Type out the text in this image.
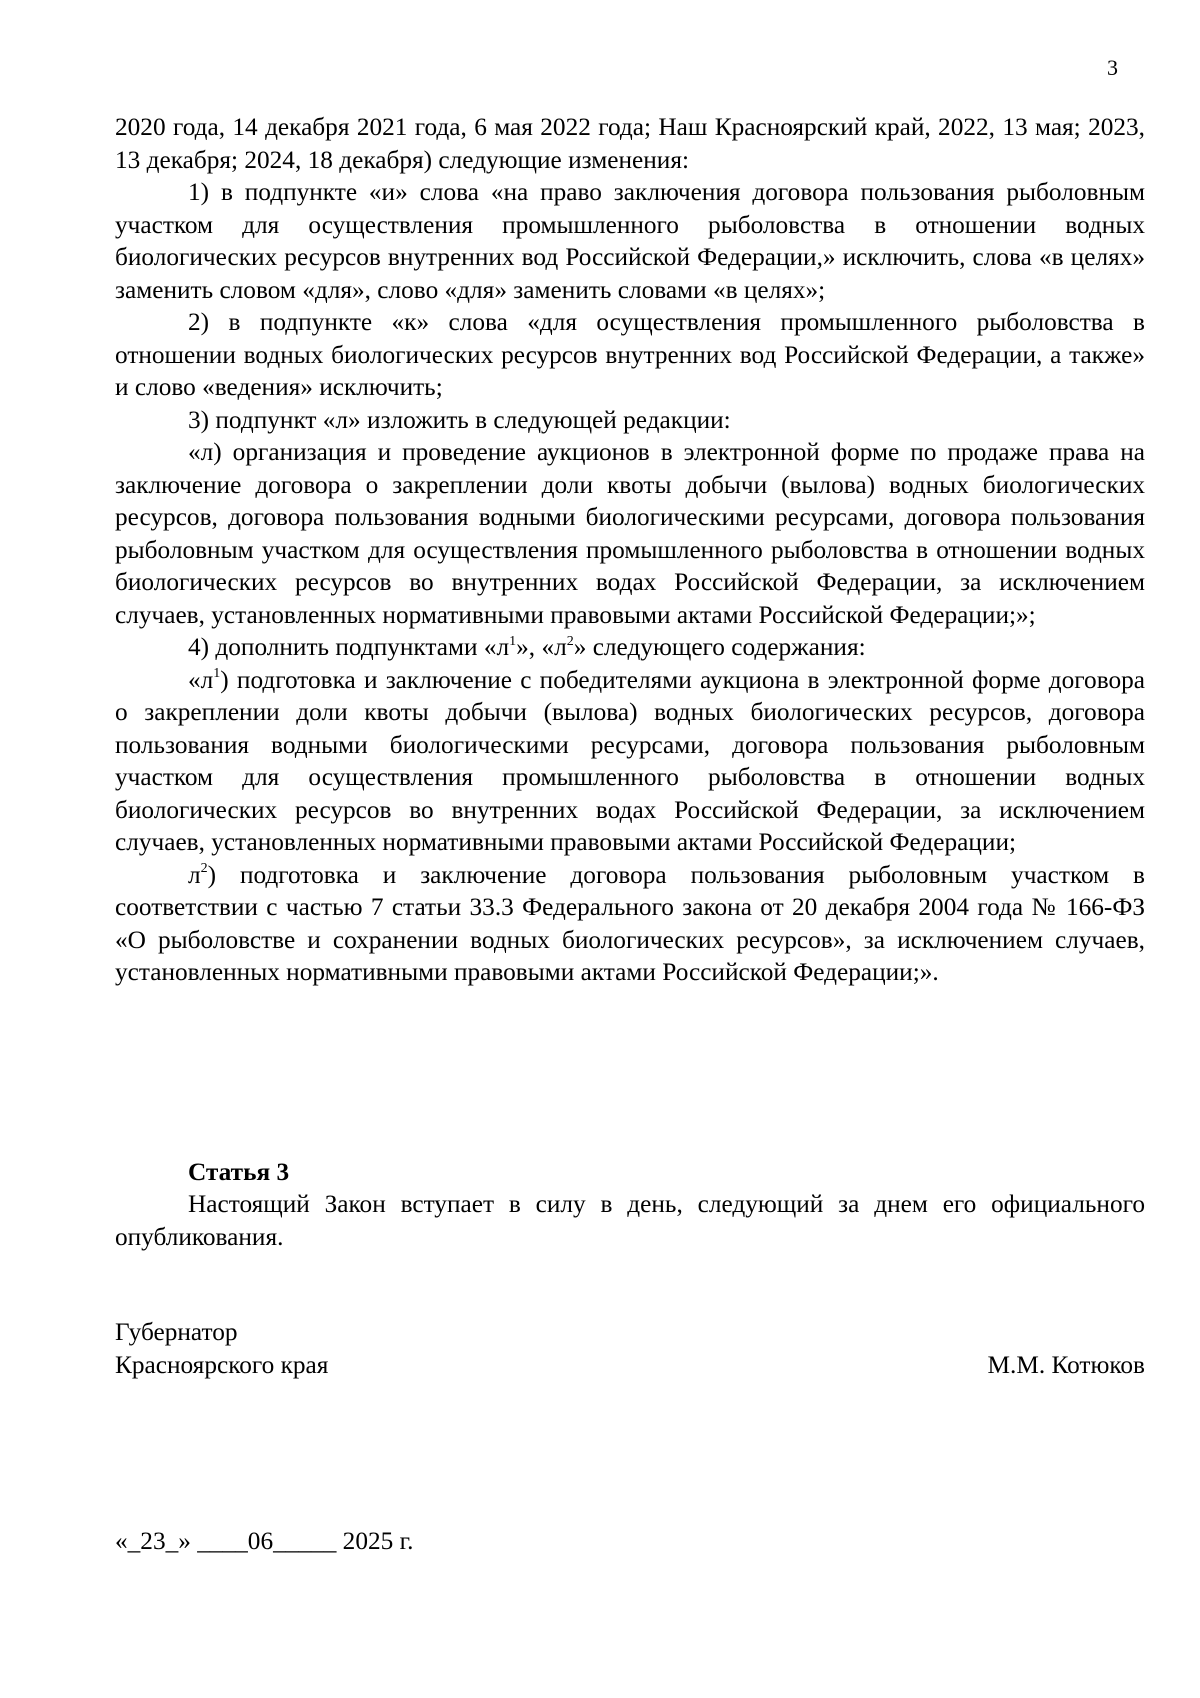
3

2020 года, 14 декабря 2021 года, 6 мая 2022 года; Наш Красноярский край, 2022, 13 мая; 2023, 13 декабря; 2024, 18 декабря) следующие изменения:

1) в подпункте «и» слова «на право заключения договора пользования рыболовным участком для осуществления промышленного рыболовства в отношении водных биологических ресурсов внутренних вод Российской Федерации,» исключить, слова «в целях» заменить словом «для», слово «для» заменить словами «в целях»;

2) в подпункте «к» слова «для осуществления промышленного рыболовства в отношении водных биологических ресурсов внутренних вод Российской Федерации, а также» и слово «ведения» исключить;

3) подпункт «л» изложить в следующей редакции:

«л) организация и проведение аукционов в электронной форме по продаже права на заключение договора о закреплении доли квоты добычи (вылова) водных биологических ресурсов, договора пользования водными биологическими ресурсами, договора пользования рыболовным участком для осуществления промышленного рыболовства в отношении водных биологических ресурсов во внутренних водах Российской Федерации, за исключением случаев, установленных нормативными правовыми актами Российской Федерации;»;

4) дополнить подпунктами «$л^1$», «$л^2$» следующего содержания:

«$л^1$) подготовка и заключение с победителями аукциона в электронной форме договора о закреплении доли квоты добычи (вылова) водных биологических ресурсов, договора пользования водными биологическими ресурсами, договора пользования рыболовным участком для осуществления промышленного рыболовства в отношении водных биологических ресурсов во внутренних водах Российской Федерации, за исключением случаев, установленных нормативными правовыми актами Российской Федерации;

$л^2$) подготовка и заключение договора пользования рыболовным участком в соответствии с частью 7 статьи 33.3 Федерального закона от 20 декабря 2004 года № 166-ФЗ «О рыболовстве и сохранении водных биологических ресурсов», за исключением случаев, установленных нормативными правовыми актами Российской Федерации;».

Статья 3

Настоящий Закон вступает в силу в день, следующий за днем его официального опубликования.

Губернатор
Красноярского края	М.М. Котюков
«_23_» ____06_____ 2025 г.
